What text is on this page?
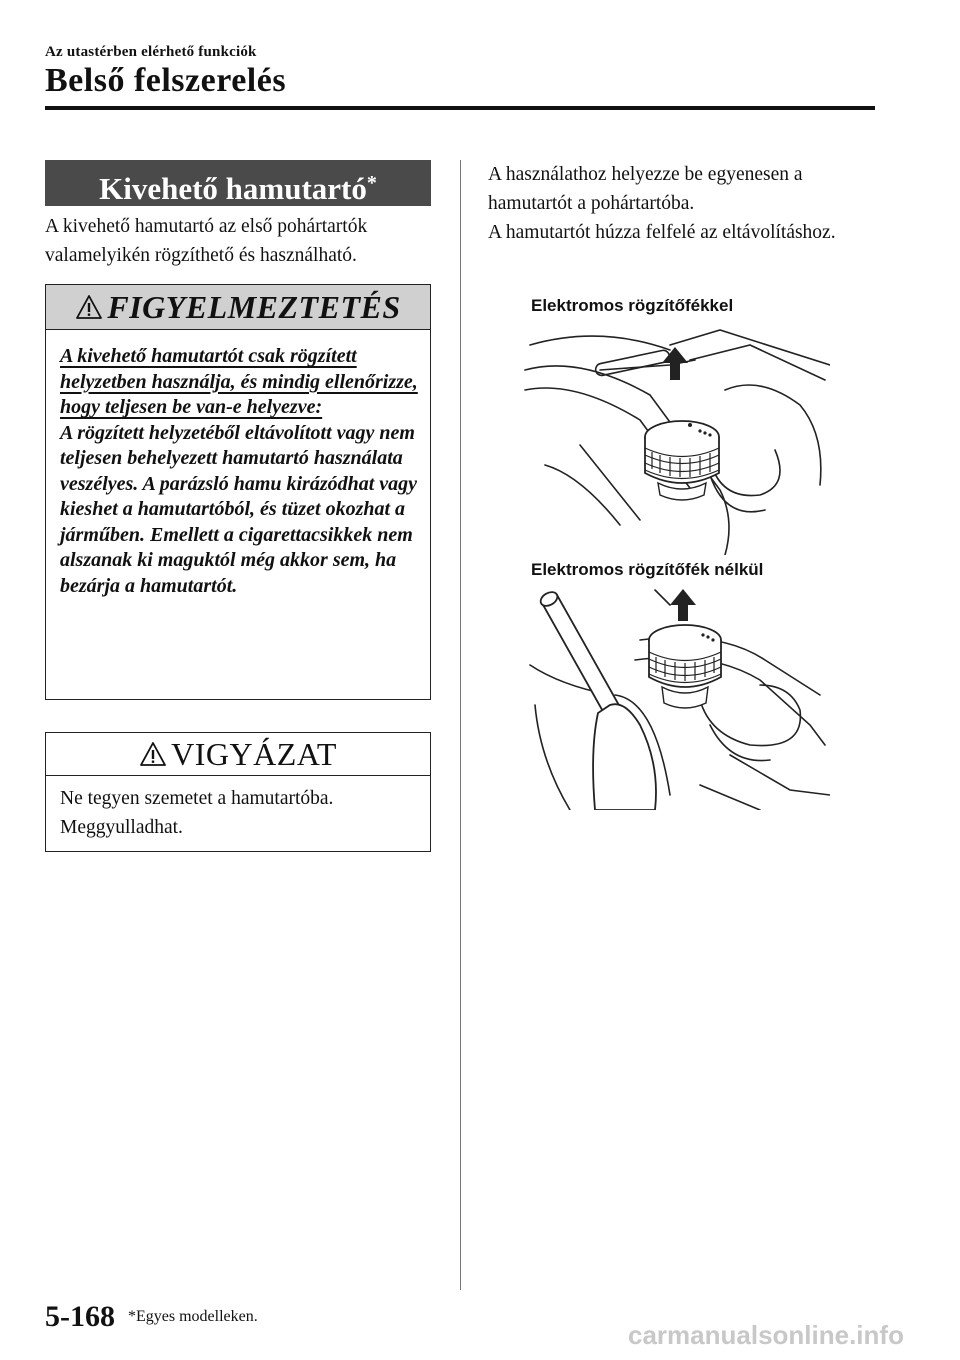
Az utastérben elérhető funkciók
Belső felszerelés
Kivehető hamutartó*
A kivehető hamutartó az első pohártartók valamelyikén rögzíthető és használható.
FIGYELMEZTETÉS
A kivehető hamutartót csak rögzített helyzetben használja, és mindig ellenőrizze, hogy teljesen be van-e helyezve:
A rögzített helyzetéből eltávolított vagy nem teljesen behelyezett hamutartó használata veszélyes. A parázsló hamu kirázódhat vagy kieshet a hamutartóból, és tüzet okozhat a járműben. Emellett a cigarettacsikkek nem alszanak ki maguktól még akkor sem, ha bezárja a hamutartót.
VIGYÁZAT
Ne tegyen szemetet a hamutartóba. Meggyulladhat.
A használathoz helyezze be egyenesen a hamutartót a pohártartóba.
A hamutartót húzza felfelé az eltávolításhoz.
Elektromos rögzítőfékkel
Elektromos rögzítőfék nélkül
5-168 *Egyes modelleken.
carmanualsonline.info
